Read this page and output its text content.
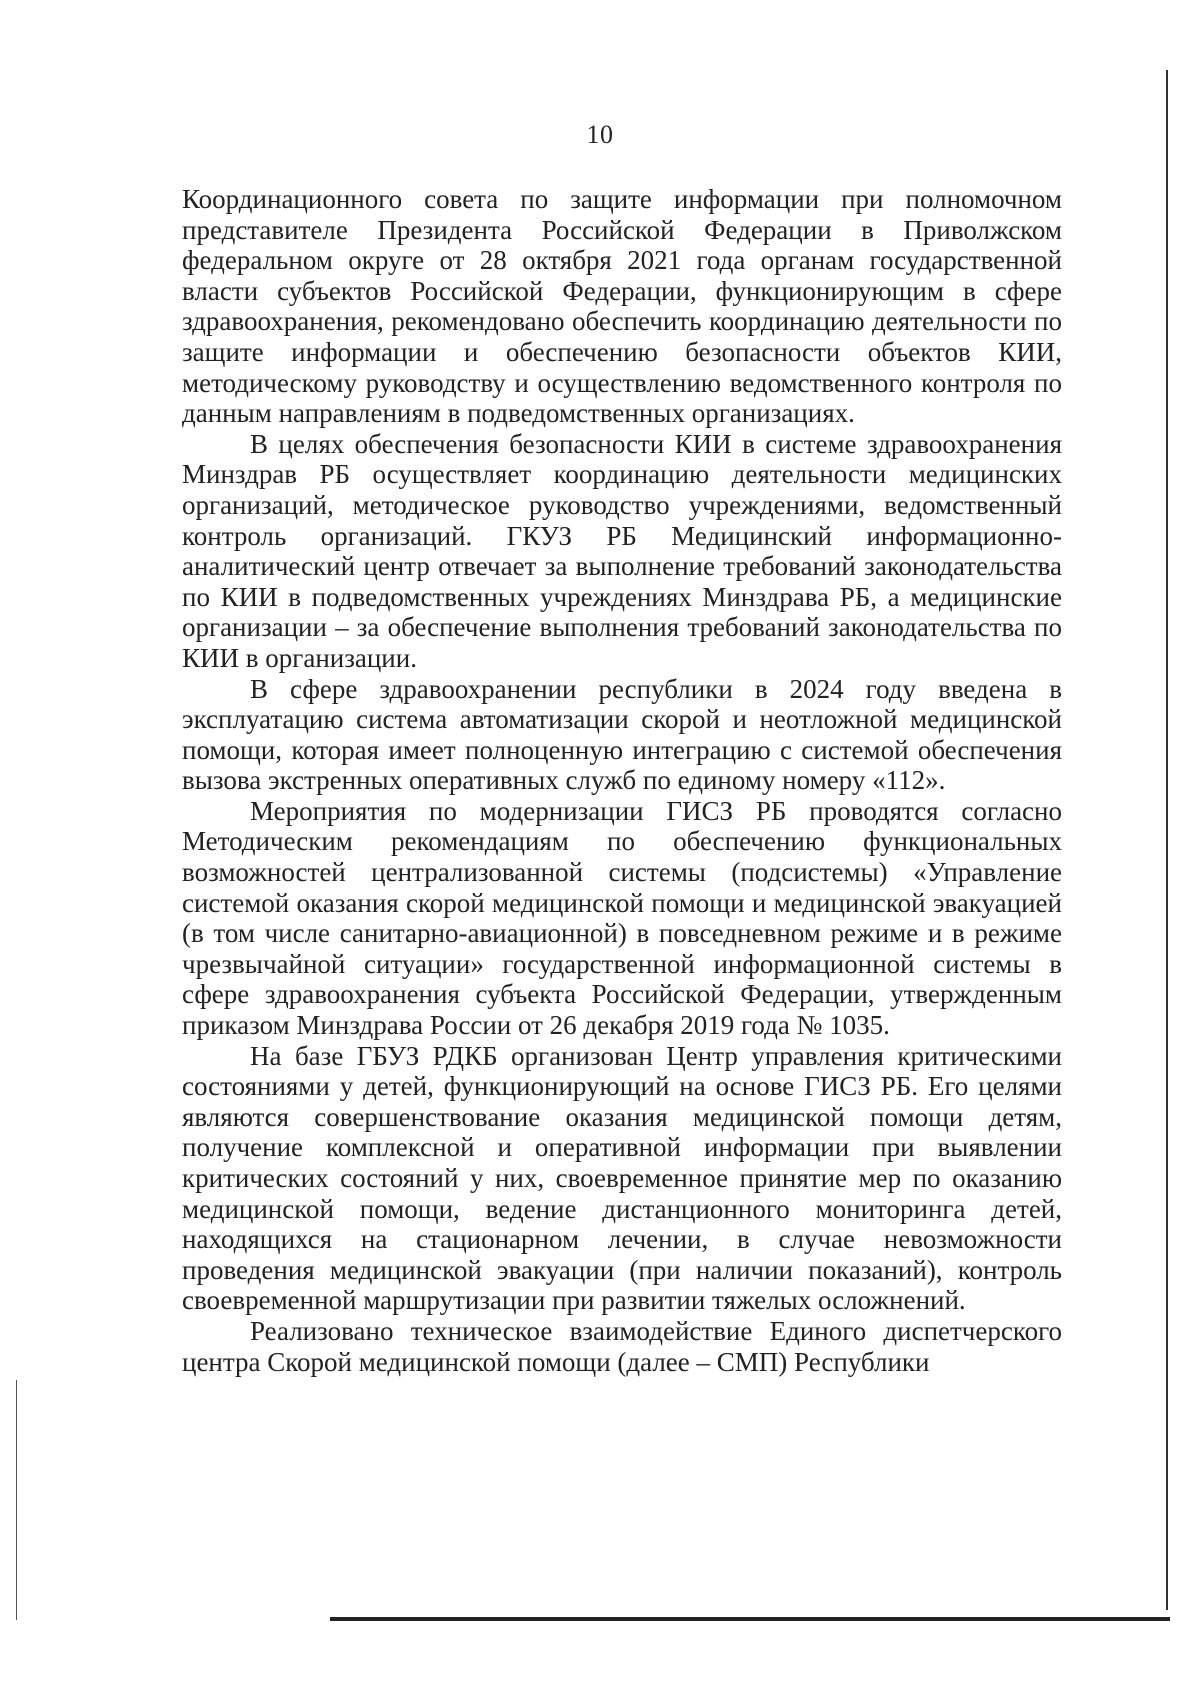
10

Координационного совета по защите информации при полномочном представителе Президента Российской Федерации в Приволжском федеральном округе от 28 октября 2021 года органам государственной власти субъектов Российской Федерации, функционирующим в сфере здравоохранения, рекомендовано обеспечить координацию деятельности по защите информации и обеспечению безопасности объектов КИИ, методическому руководству и осуществлению ведомственного контроля по данным направлениям в подведомственных организациях.

В целях обеспечения безопасности КИИ в системе здравоохранения Минздрав РБ осуществляет координацию деятельности медицинских организаций, методическое руководство учреждениями, ведомственный контроль организаций. ГКУЗ РБ Медицинский информационно-аналитический центр отвечает за выполнение требований законодательства по КИИ в подведомственных учреждениях Минздрава РБ, а медицинские организации – за обеспечение выполнения требований законодательства по КИИ в организации.

В сфере здравоохранении республики в 2024 году введена в эксплуатацию система автоматизации скорой и неотложной медицинской помощи, которая имеет полноценную интеграцию с системой обеспечения вызова экстренных оперативных служб по единому номеру «112».

Мероприятия по модернизации ГИСЗ РБ проводятся согласно Методическим рекомендациям по обеспечению функциональных возможностей централизованной системы (подсистемы) «Управление системой оказания скорой медицинской помощи и медицинской эвакуацией (в том числе санитарно-авиационной) в повседневном режиме и в режиме чрезвычайной ситуации» государственной информационной системы в сфере здравоохранения субъекта Российской Федерации, утвержденным приказом Минздрава России от 26 декабря 2019 года № 1035.

На базе ГБУЗ РДКБ организован Центр управления критическими состояниями у детей, функционирующий на основе ГИСЗ РБ. Его целями являются совершенствование оказания медицинской помощи детям, получение комплексной и оперативной информации при выявлении критических состояний у них, своевременное принятие мер по оказанию медицинской помощи, ведение дистанционного мониторинга детей, находящихся на стационарном лечении, в случае невозможности проведения медицинской эвакуации (при наличии показаний), контроль своевременной маршрутизации при развитии тяжелых осложнений.

Реализовано техническое взаимодействие Единого диспетчерского центра Скорой медицинской помощи (далее – СМП) Республики
